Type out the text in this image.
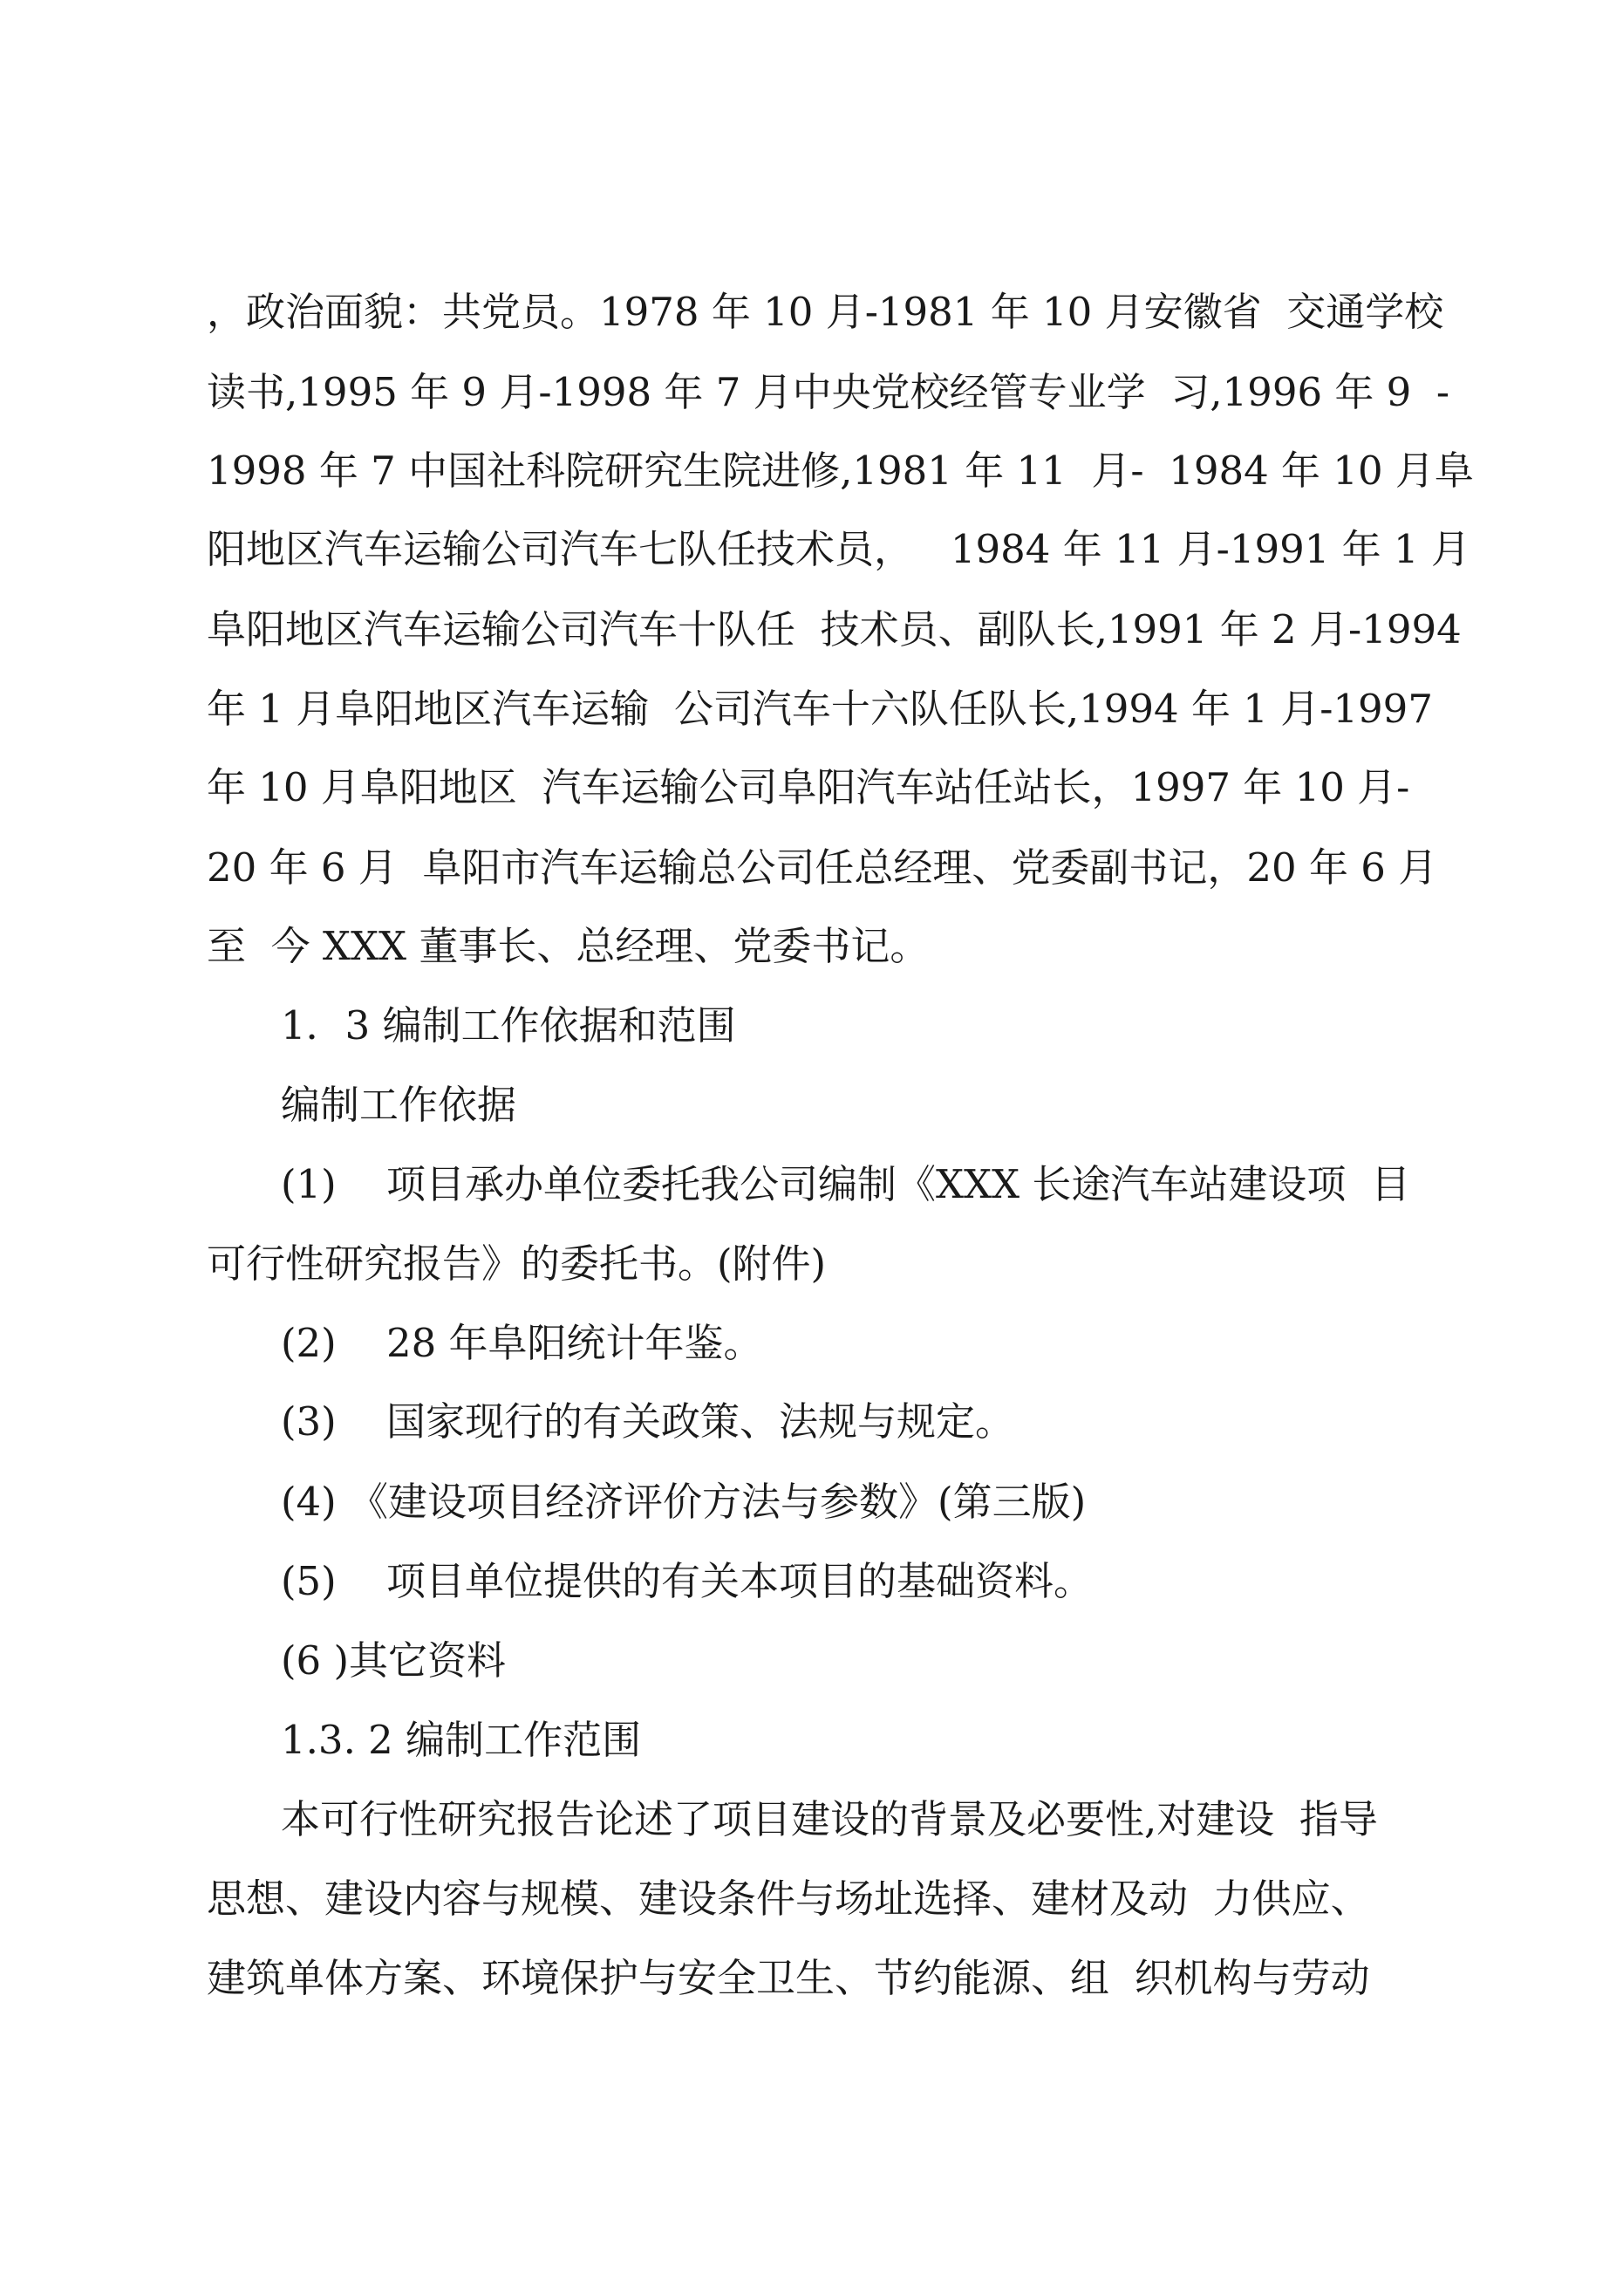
，政治面貌：共党员。1978 年 10 月-1981 年 10 月安徽省  交通学校
读书,1995 年 9 月-1998 年 7 月中央党校经管专业学  习,1996 年 9  -
1998 年 7 中国社科院研究生院进修,1981 年 11  月-  1984 年 10 月阜
阳地区汽车运输公司汽车七队任技术员，   1984 年 11 月-1991 年 1 月
阜阳地区汽车运输公司汽车十队任  技术员、副队长,1991 年 2 月-1994
年 1 月阜阳地区汽车运输  公司汽车十六队任队长,1994 年 1 月-1997
年 10 月阜阳地区  汽车运输公司阜阳汽车站任站长，1997 年 10 月-
20 年 6 月  阜阳市汽车运输总公司任总经理、党委副书记，20 年 6 月
至  今 XXX 董事长、总经理、党委书记。
1．3 编制工作依据和范围
编制工作依据
(1)    项目承办单位委托我公司编制《XXX 长途汽车站建设项  目
可行性研究报告》的委托书。(附件)
(2)    28 年阜阳统计年鉴。
(3)    国家现行的有关政策、法规与规定。
(4) 《建设项目经济评价方法与参数》(第三版)
(5)    项目单位提供的有关本项目的基础资料。
(6 )其它资料
1.3. 2 编制工作范围
本可行性研究报告论述了项目建设的背景及必要性,对建设  指导
思想、建设内容与规模、建设条件与场址选择、建材及动  力供应、
建筑单体方案、环境保护与安全卫生、节约能源、组  织机构与劳动
